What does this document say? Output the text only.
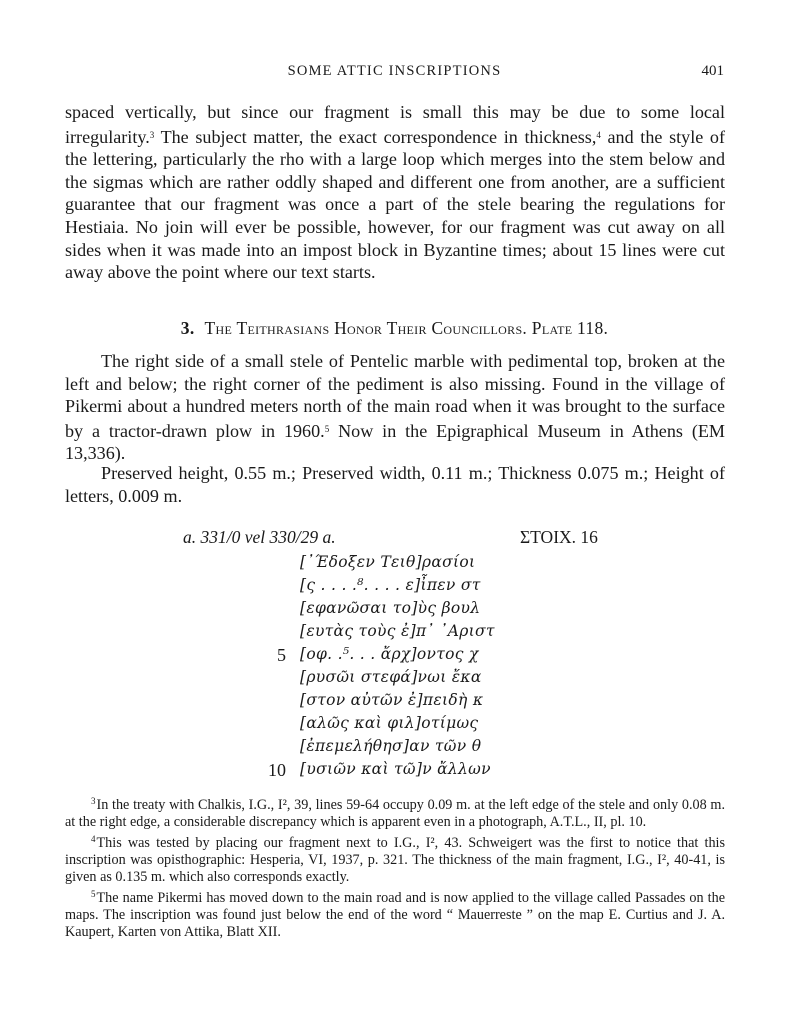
SOME ATTIC INSCRIPTIONS	401
spaced vertically, but since our fragment is small this may be due to some local irregularity.$^3$ The subject matter, the exact correspondence in thickness,$^4$ and the style of the lettering, particularly the rho with a large loop which merges into the stem below and the sigmas which are rather oddly shaped and different one from another, are a sufficient guarantee that our fragment was once a part of the stele bearing the regulations for Hestiaia. No join will ever be possible, however, for our fragment was cut away on all sides when it was made into an impost block in Byzantine times; about 15 lines were cut away above the point where our text starts.
3. The Teithrasians Honor Their Councillors. Plate 118.
The right side of a small stele of Pentelic marble with pedimental top, broken at the left and below; the right corner of the pediment is also missing. Found in the village of Pikermi about a hundred meters north of the main road when it was brought to the surface by a tractor-drawn plow in 1960.$^5$ Now in the Epigraphical Museum in Athens (EM 13,336).
Preserved height, 0.55 m.; Preserved width, 0.11 m.; Thickness 0.075 m.; Height of letters, 0.009 m.
a. 331/0 vel 330/29 a.	ΣΤΟΙΧ. 16
[᾿Έδοξεν Τειθ]ρασίοι
[ς . . . .⁸. . . . ε]ἶπεν στ
[εφανῶσαι το]ὺς βουλ
[ευτὰς τοὺς ἐ]π᾿ ᾿Αριστ
5 [οφ. .⁵. . . ἄρχ]οντος χ
[ρυσῶι στεφά]νωι ἔκα
[στον αὐτῶν ἐ]πειδὴ κ
[αλῶς καὶ φιλ]οτίμως
[ἐπεμελήθησ]αν τῶν θ
10 [υσιῶν καὶ τῶ]ν ἄλλων

$^3$In the treaty with Chalkis, I.G., I², 39, lines 59-64 occupy 0.09 m. at the left edge of the stele and only 0.08 m. at the right edge, a considerable discrepancy which is apparent even in a photograph, A.T.L., II, pl. 10.

$^4$This was tested by placing our fragment next to I.G., I², 43. Schweigert was the first to notice that this inscription was opisthographic: Hesperia, VI, 1937, p. 321. The thickness of the main fragment, I.G., I², 40-41, is given as 0.135 m. which also corresponds exactly.

$^5$The name Pikermi has moved down to the main road and is now applied to the village called Passades on the maps. The inscription was found just below the end of the word “ Mauerreste ” on the map E. Curtius and J. A. Kaupert, Karten von Attika, Blatt XII.
